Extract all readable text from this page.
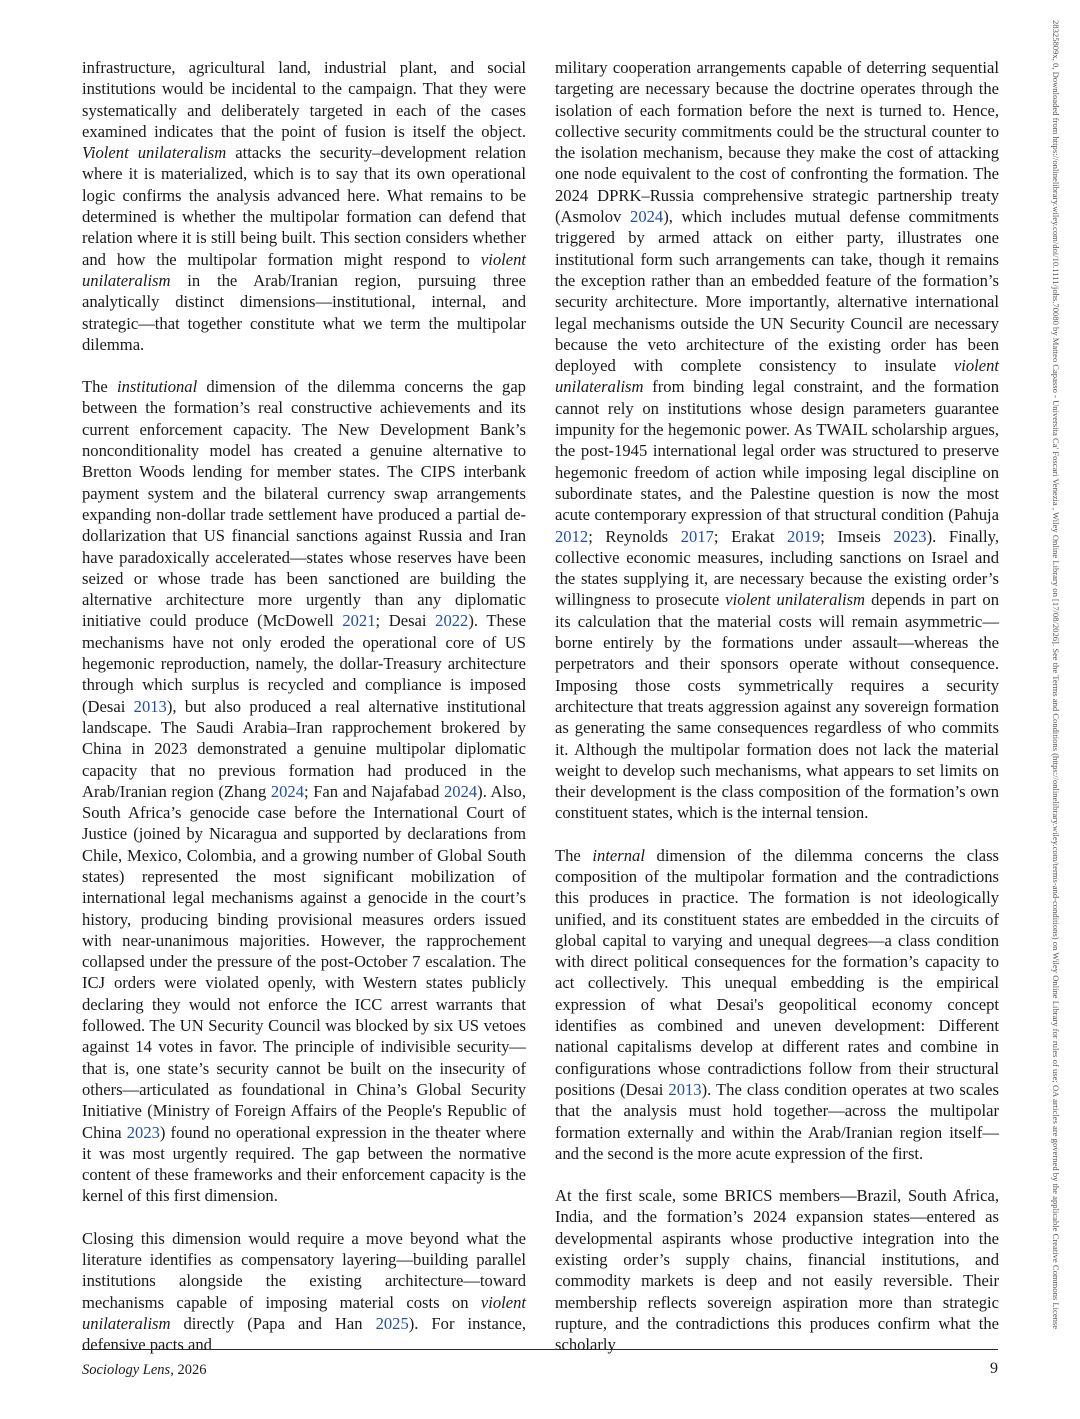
infrastructure, agricultural land, industrial plant, and social institutions would be incidental to the campaign. That they were systematically and deliberately targeted in each of the cases examined indicates that the point of fusion is itself the object. Violent unilateralism attacks the security–development relation where it is materialized, which is to say that its own operational logic confirms the analysis advanced here. What remains to be determined is whether the multipolar formation can defend that relation where it is still being built. This section considers whether and how the multipolar formation might respond to violent unilateralism in the Arab/Iranian region, pursuing three analytically distinct dimensions—institutional, internal, and strategic—that together constitute what we term the multipolar dilemma.

The institutional dimension of the dilemma concerns the gap between the formation’s real constructive achievements and its current enforcement capacity. The New Development Bank’s nonconditionality model has created a genuine alternative to Bretton Woods lending for member states. The CIPS interbank payment system and the bilateral currency swap arrangements expanding non-dollar trade settlement have produced a partial de-dollarization that US financial sanctions against Russia and Iran have paradoxically accelerated—states whose reserves have been seized or whose trade has been sanctioned are building the alternative architecture more urgently than any diplomatic initiative could produce (McDowell 2021; Desai 2022). These mechanisms have not only eroded the operational core of US hegemonic reproduction, namely, the dollar-Treasury architecture through which surplus is recycled and compliance is imposed (Desai 2013), but also produced a real alternative institutional landscape. The Saudi Arabia–Iran rapprochement brokered by China in 2023 demonstrated a genuine multipolar diplomatic capacity that no previous formation had produced in the Arab/Iranian region (Zhang 2024; Fan and Najafabad 2024). Also, South Africa’s genocide case before the International Court of Justice (joined by Nicaragua and supported by declarations from Chile, Mexico, Colombia, and a growing number of Global South states) represented the most significant mobilization of international legal mechanisms against a genocide in the court’s history, producing binding provisional measures orders issued with near-unanimous majorities. However, the rapprochement collapsed under the pressure of the post-October 7 escalation. The ICJ orders were violated openly, with Western states publicly declaring they would not enforce the ICC arrest warrants that followed. The UN Security Council was blocked by six US vetoes against 14 votes in favor. The principle of indivisible security—that is, one state’s security cannot be built on the insecurity of others—articulated as foundational in China’s Global Security Initiative (Ministry of Foreign Affairs of the People's Republic of China 2023) found no operational expression in the theater where it was most urgently required. The gap between the normative content of these frameworks and their enforcement capacity is the kernel of this first dimension.

Closing this dimension would require a move beyond what the literature identifies as compensatory layering—building parallel institutions alongside the existing architecture—toward mechanisms capable of imposing material costs on violent unilateralism directly (Papa and Han 2025). For instance, defensive pacts and

military cooperation arrangements capable of deterring sequential targeting are necessary because the doctrine operates through the isolation of each formation before the next is turned to. Hence, collective security commitments could be the structural counter to the isolation mechanism, because they make the cost of attacking one node equivalent to the cost of confronting the formation. The 2024 DPRK–Russia comprehensive strategic partnership treaty (Asmolov 2024), which includes mutual defense commitments triggered by armed attack on either party, illustrates one institutional form such arrangements can take, though it remains the exception rather than an embedded feature of the formation’s security architecture. More importantly, alternative international legal mechanisms outside the UN Security Council are necessary because the veto architecture of the existing order has been deployed with complete consistency to insulate violent unilateralism from binding legal constraint, and the formation cannot rely on institutions whose design parameters guarantee impunity for the hegemonic power. As TWAIL scholarship argues, the post-1945 international legal order was structured to preserve hegemonic freedom of action while imposing legal discipline on subordinate states, and the Palestine question is now the most acute contemporary expression of that structural condition (Pahuja 2012; Reynolds 2017; Erakat 2019; Imseis 2023). Finally, collective economic measures, including sanctions on Israel and the states supplying it, are necessary because the existing order’s willingness to prosecute violent unilateralism depends in part on its calculation that the material costs will remain asymmetric—borne entirely by the formations under assault—whereas the perpetrators and their sponsors operate without consequence. Imposing those costs symmetrically requires a security architecture that treats aggression against any sovereign formation as generating the same consequences regardless of who commits it. Although the multipolar formation does not lack the material weight to develop such mechanisms, what appears to set limits on their development is the class composition of the formation’s own constituent states, which is the internal tension.

The internal dimension of the dilemma concerns the class composition of the multipolar formation and the contradictions this produces in practice. The formation is not ideologically unified, and its constituent states are embedded in the circuits of global capital to varying and unequal degrees—a class condition with direct political consequences for the formation’s capacity to act collectively. This unequal embedding is the empirical expression of what Desai's geopolitical economy concept identifies as combined and uneven development: Different national capitalisms develop at different rates and combine in configurations whose contradictions follow from their structural positions (Desai 2013). The class condition operates at two scales that the analysis must hold together—across the multipolar formation externally and within the Arab/Iranian region itself—and the second is the more acute expression of the first.

At the first scale, some BRICS members—Brazil, South Africa, India, and the formation’s 2024 expansion states—entered as developmental aspirants whose productive integration into the existing order’s supply chains, financial institutions, and commodity markets is deep and not easily reversible. Their membership reflects sovereign aspiration more than strategic rupture, and the contradictions this produces confirm what the scholarly

Sociology Lens, 2026	9
28325809x, 0, Downloaded from https://onlinelibrary.wiley.com/doi/10.1111/johs.70080 by Matteo Capasso - Universita Ca' Foscari Venezia , Wiley Online Library on [17/08/2026]. See the Terms and Conditions (https://onlinelibrary.wiley.com/terms-and-conditions) on Wiley Online Library for rules of use; OA articles are governed by the applicable Creative Commons License
